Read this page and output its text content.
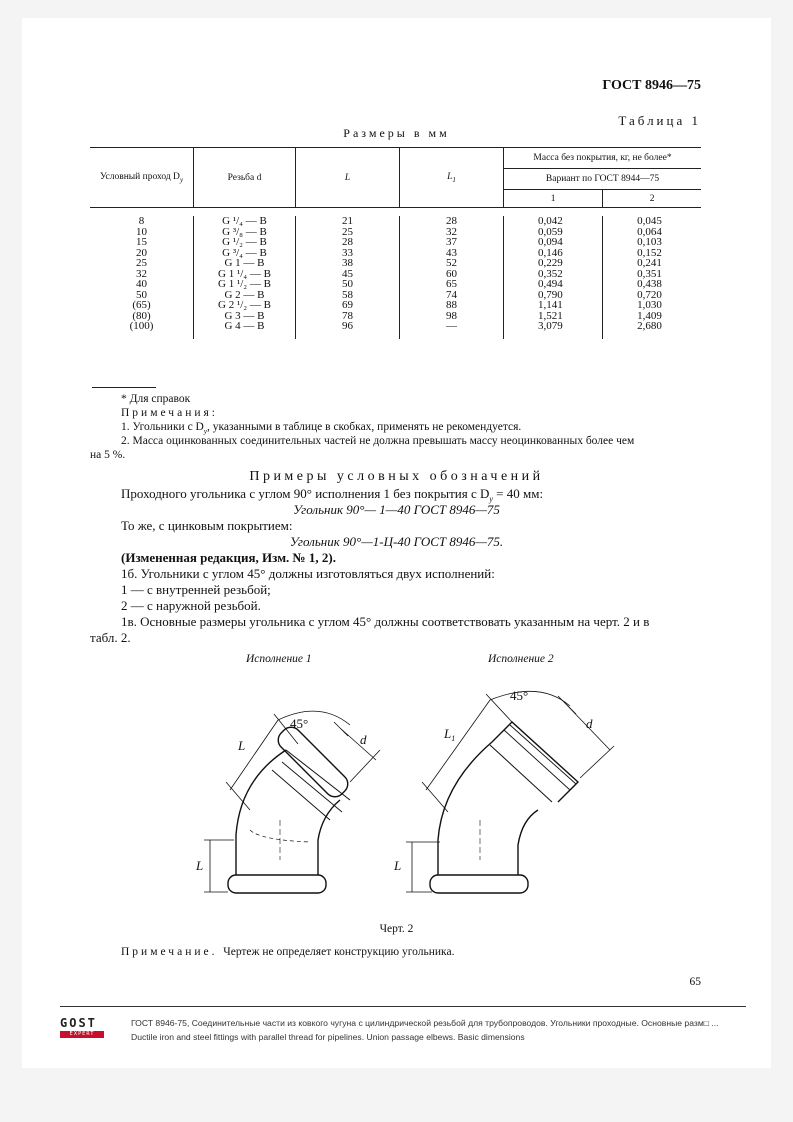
ГОСТ 8946—75
Таблица 1
Размеры в мм
Условный проход $D_у$	Резьба d	L	$L_1$	Масса без покрытия, кг, не более*	
				Вариант по ГОСТ 8944—75	
				1	2

8	G ¹/₄ — B	21	28	0,042	0,045
10	G ³/₈ — B	25	32	0,059	0,064
15	G ¹/₂ — B	28	37	0,094	0,103
20	G ³/₄ — B	33	43	0,146	0,152
25	G 1 — B	38	52	0,229	0,241
32	G 1 ¹/₄ — B	45	60	0,352	0,351
40	G 1 ¹/₂ — B	50	65	0,494	0,438
50	G 2 — B	58	74	0,790	0,720
(65)	G 2 ¹/₂ — B	69	88	1,141	1,030
(80)	G 3 — B	78	98	1,521	1,409
(100)	G 4 — B	96	—	3,079	2,680
* Для справок
Примечания:
1. Угольники с $D_у$, указанными в таблице в скобках, применять не рекомендуется.
2. Масса оцинкованных соединительных частей не должна превышать массу неоцинкованных более чем
на 5 %.
Примеры условных обозначений
Проходного угольника с углом 90° исполнения 1 без покрытия с $D_у = 40$ мм:
Угольник 90°— 1—40 ГОСТ 8946—75
То же, с цинковым покрытием:
Угольник 90°—1-Ц-40 ГОСТ 8946—75.
(Измененная редакция, Изм. № 1, 2).
1б. Угольники с углом 45° должны изготовляться двух исполнений:
1 — с внутренней резьбой;
2 — с наружной резьбой.
1в. Основные размеры угольника с углом 45° должны соответствовать указанным на черт. 2 и в
табл. 2.
Исполнение 1	Исполнение 2
L
L
45°
d
L
$L_1$
45°
d
Черт. 2
Примечание. Чертеж не определяет конструкцию угольника.
65
GOST
EXPERT
ГОСТ 8946-75, Соединительные части из ковкого чугуна с цилиндрической резьбой для трубопроводов. Угольники проходные. Основные разм□ ...
Ductile iron and steel fittings with parallel thread for pipelines. Union passage elbews. Basic dimensions
